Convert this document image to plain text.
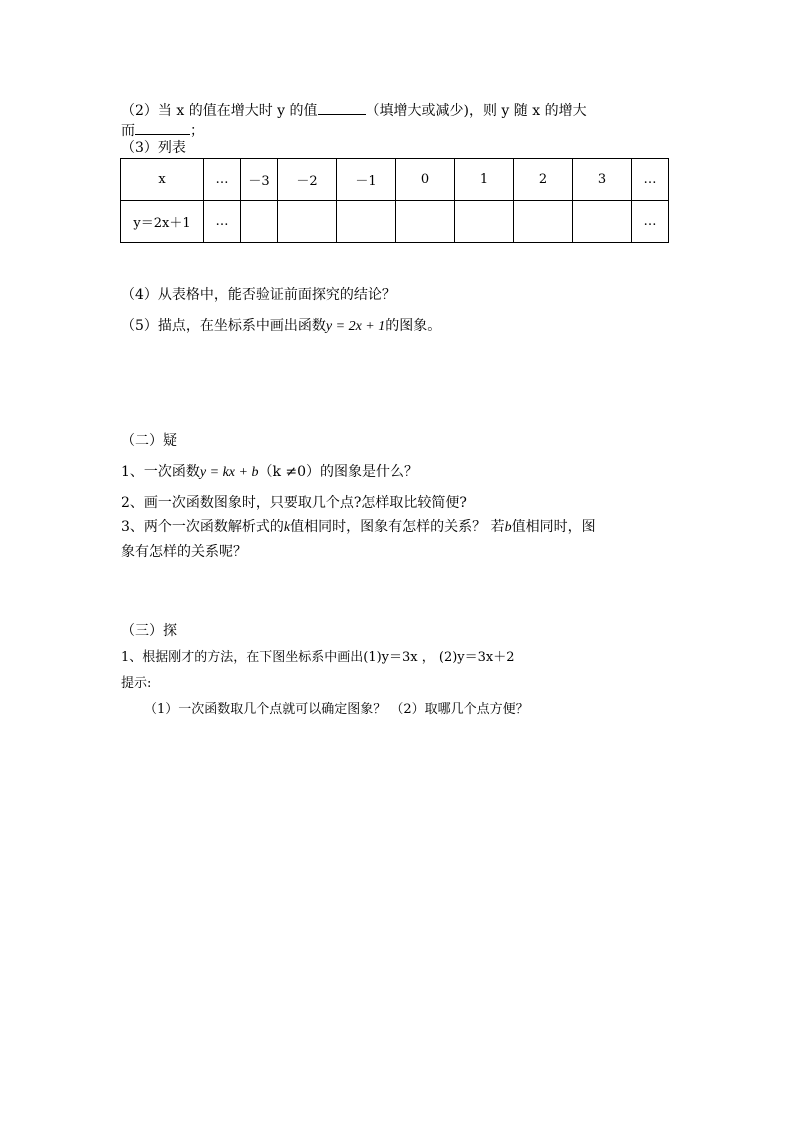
（2）当 x 的值在增大时 y 的值	（填增大或减少)，则 y 随 x 的增大
而	；
（3）列表
x	…	－3	－2	－1	0	1	2	3	…
y＝2x＋1	…								…
（4）从表格中，能否验证前面探究的结论？
（5）描点，在坐标系中画出函数y = 2x + 1的图象。
（二）疑
1、一次函数y = kx + b（k ≠0）的图象是什么？
2、画一次函数图象时，只要取几个点?怎样取比较简便?
3、两个一次函数解析式的k值相同时，图象有怎样的关系？ 若b值相同时，图
象有怎样的关系呢？
（三）探
1、根据刚才的方法，在下图坐标系中画出(1)y＝3x ， (2)y＝3x＋2
提示:
（1）一次函数取几个点就可以确定图象？ （2）取哪几个点方便？
